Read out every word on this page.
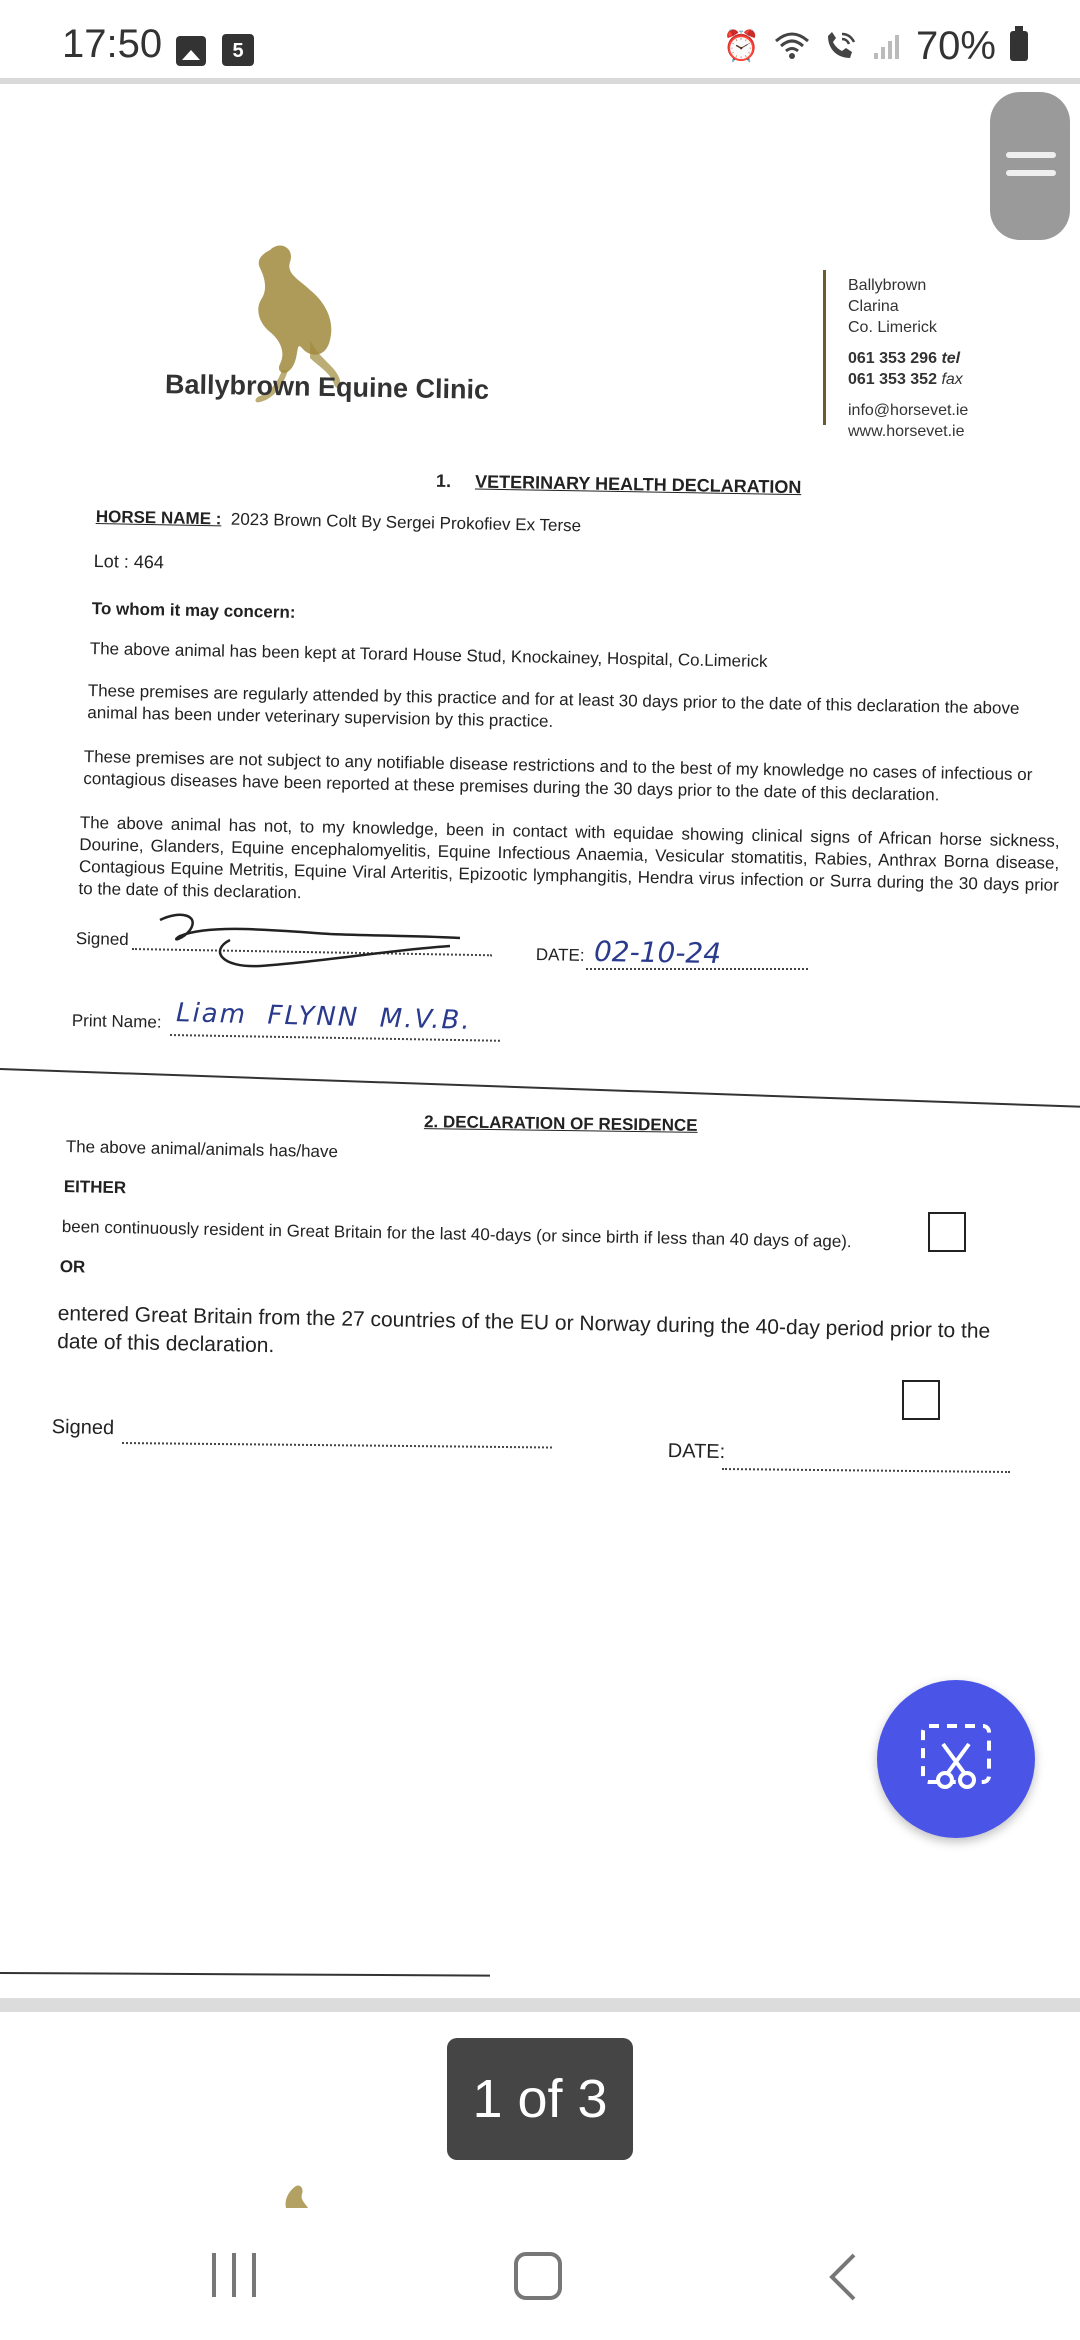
17:50	5	⏰	70%
Ballybrown Equine Clinic
Ballybrown
Clarina
Co. Limerick
061 353 296 tel
061 353 352 fax
info@horsevet.ie
www.horsevet.ie
1. VETERINARY HEALTH DECLARATION
HORSE NAME : 2023 Brown Colt By Sergei Prokofiev Ex Terse
Lot : 464
To whom it may concern:
The above animal has been kept at Torard House Stud, Knockainey, Hospital, Co.Limerick
These premises are regularly attended by this practice and for at least 30 days prior to the date of this declaration the above animal has been under veterinary supervision by this practice.
These premises are not subject to any notifiable disease restrictions and to the best of my knowledge no cases of infectious or contagious diseases have been reported at these premises during the 30 days prior to the date of this declaration.
The above animal has not, to my knowledge, been in contact with equidae showing clinical signs of African horse sickness, Dourine, Glanders, Equine encephalomyelitis, Equine Infectious Anaemia, Vesicular stomatitis, Rabies, Anthrax Borna disease, Contagious Equine Metritis, Equine Viral Arteritis, Epizootic lymphangitis, Hendra virus infection or Surra during the 30 days prior to the date of this declaration.
Signed
DATE: 02-10-24
Print Name: Liam  FLYNN  M.V.B.
2. DECLARATION OF RESIDENCE
The above animal/animals has/have
EITHER
been continuously resident in Great Britain for the last 40-days (or since birth if less than 40 days of age).
OR
entered Great Britain from the 27 countries of the EU or Norway during the 40-day period prior to the date of this declaration.
Signed
DATE:
1 of 3
